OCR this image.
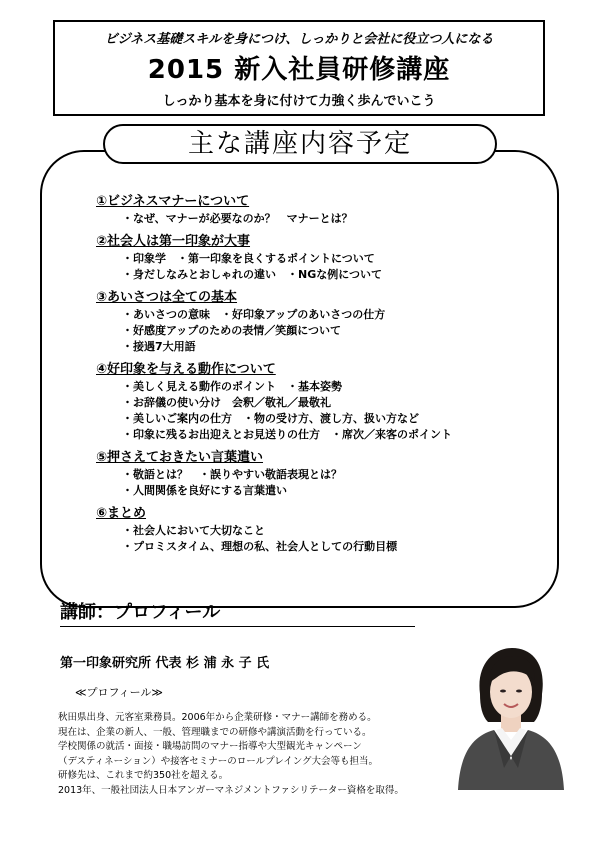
ビジネス基礎スキルを身につけ、しっかりと会社に役立つ人になる
2015 新入社員研修講座
しっかり基本を身に付けて力強く歩んでいこう
主な講座内容予定
①ビジネスマナーについて
・なぜ、マナーが必要なのか？　マナーとは？
②社会人は第一印象が大事
・印象学　・第一印象を良くするポイントについて
・身だしなみとおしゃれの違い　・NGな例について
③あいさつは全ての基本
・あいさつの意味　・好印象アップのあいさつの仕方
・好感度アップのための表情／笑顔について
・接遇7大用語
④好印象を与える動作について
・美しく見える動作のポイント　・基本姿勢
・お辞儀の使い分け　会釈／敬礼／最敬礼
・美しいご案内の仕方　・物の受け方、渡し方、扱い方など
・印象に残るお出迎えとお見送りの仕方　・席次／来客のポイント
⑤押さえておきたい言葉遣い
・敬語とは？　・誤りやすい敬語表現とは？
・人間関係を良好にする言葉遣い
⑥まとめ
・社会人において大切なこと
・プロミスタイム、理想の私、社会人としての行動目標
講師：プロフィール
第一印象研究所 代表 杉 浦 永 子 氏
≪プロフィール≫
秋田県出身、元客室乗務員。2006年から企業研修・マナー講師を務める。
現在は、企業の新人、一般、管理職までの研修や講演活動を行っている。
学校関係の就活・面接・職場訪問のマナー指導や大型観光キャンペーン
（デスティネーション）や接客セミナーのロールプレイング大会等も担当。
研修先は、これまで約350社を超える。
2013年、一般社団法人日本アンガーマネジメントファシリテーター資格を取得。
